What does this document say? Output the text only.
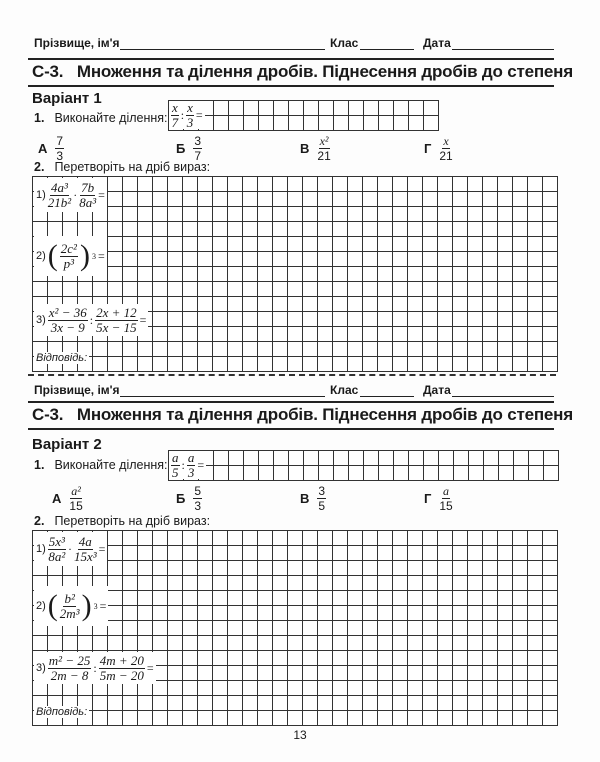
Прізвище, ім'я	Клас	Дата
С-3.   Множення та ділення дробів. Піднесення дробів до степеня
Варіант 1
1. Виконайте ділення: $\frac{x}{7}$ : $\frac{x}{3}$ =
А $\frac{7}{3}$	Б $\frac{3}{7}$	В $\frac{\text{x²}}{21}$	Г $\frac{x}{21}$
2. Перетворіть на дріб вираз:
$1) \frac{\text{4a³}}{\text{21b²}} \cdot \frac{7b}{\text{8a³}}$ =
2) ( $\frac{\text{2c²}}{\text{p³}}$ ) 3 =
$3) \frac{\text{x² − 36}}{3x - 9}$ : $\frac{2x + 12}{5x - 15}$ =
Відповідь:
Прізвище, ім'я	Клас	Дата
С-3.   Множення та ділення дробів. Піднесення дробів до степеня
Варіант 2
1. Виконайте ділення: $\frac{a}{5}$ : $\frac{a}{3}$ =
А $\frac{\text{a²}}{15}$	Б $\frac{5}{3}$	В $\frac{3}{5}$	Г $\frac{a}{15}$
2. Перетворіть на дріб вираз:
$1) \frac{\text{5x³}}{\text{8a²}} \cdot \frac{4a}{\text{15x³}}$ =
2) ( $\frac{\text{b²}}{\text{2m³}}$ ) 3 =
$3) \frac{\text{m² − 25}}{2m - 8}$ : $\frac{4m + 20}{5m - 20}$ =
Відповідь:
13
